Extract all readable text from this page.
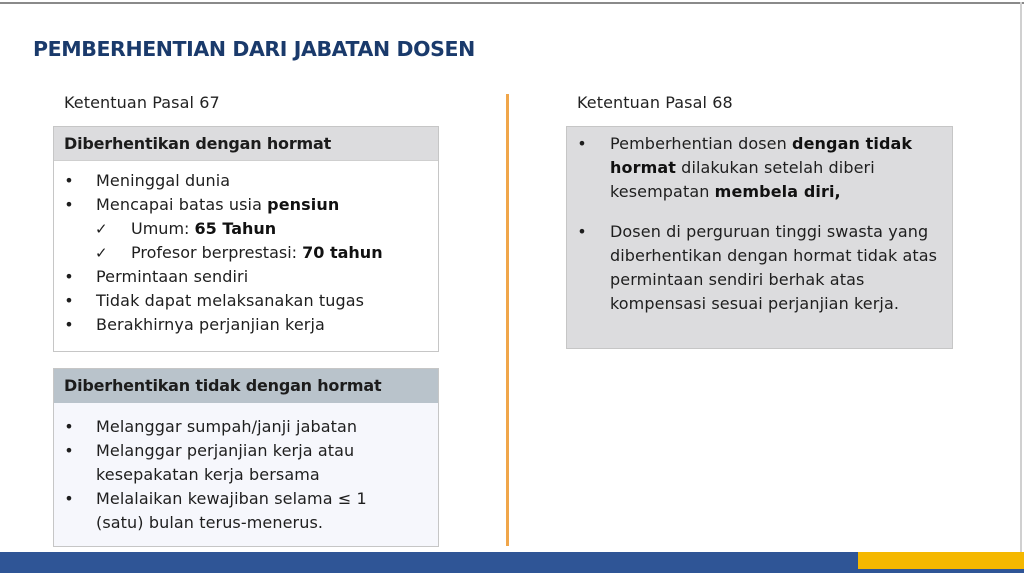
PEMBERHENTIAN DARI JABATAN DOSEN
Ketentuan Pasal 67
Diberhentikan dengan hormat
• Meninggal dunia
• Mencapai batas usia pensiun
✓ Umum: 65 Tahun
✓ Profesor berprestasi: 70 tahun
• Permintaan sendiri
• Tidak dapat melaksanakan tugas
• Berakhirnya perjanjian kerja
Diberhentikan tidak dengan hormat
• Melanggar sumpah/janji jabatan
• Melanggar perjanjian kerja atau
kesepakatan kerja bersama
• Melalaikan kewajiban selama ≤ 1
(satu) bulan terus-menerus.
Ketentuan Pasal 68
• Pemberhentian dosen dengan tidak hormat dilakukan setelah diberi kesempatan membela diri,
• Dosen di perguruan tinggi swasta yang diberhentikan dengan hormat tidak atas permintaan sendiri berhak atas kompensasi sesuai perjanjian kerja.
